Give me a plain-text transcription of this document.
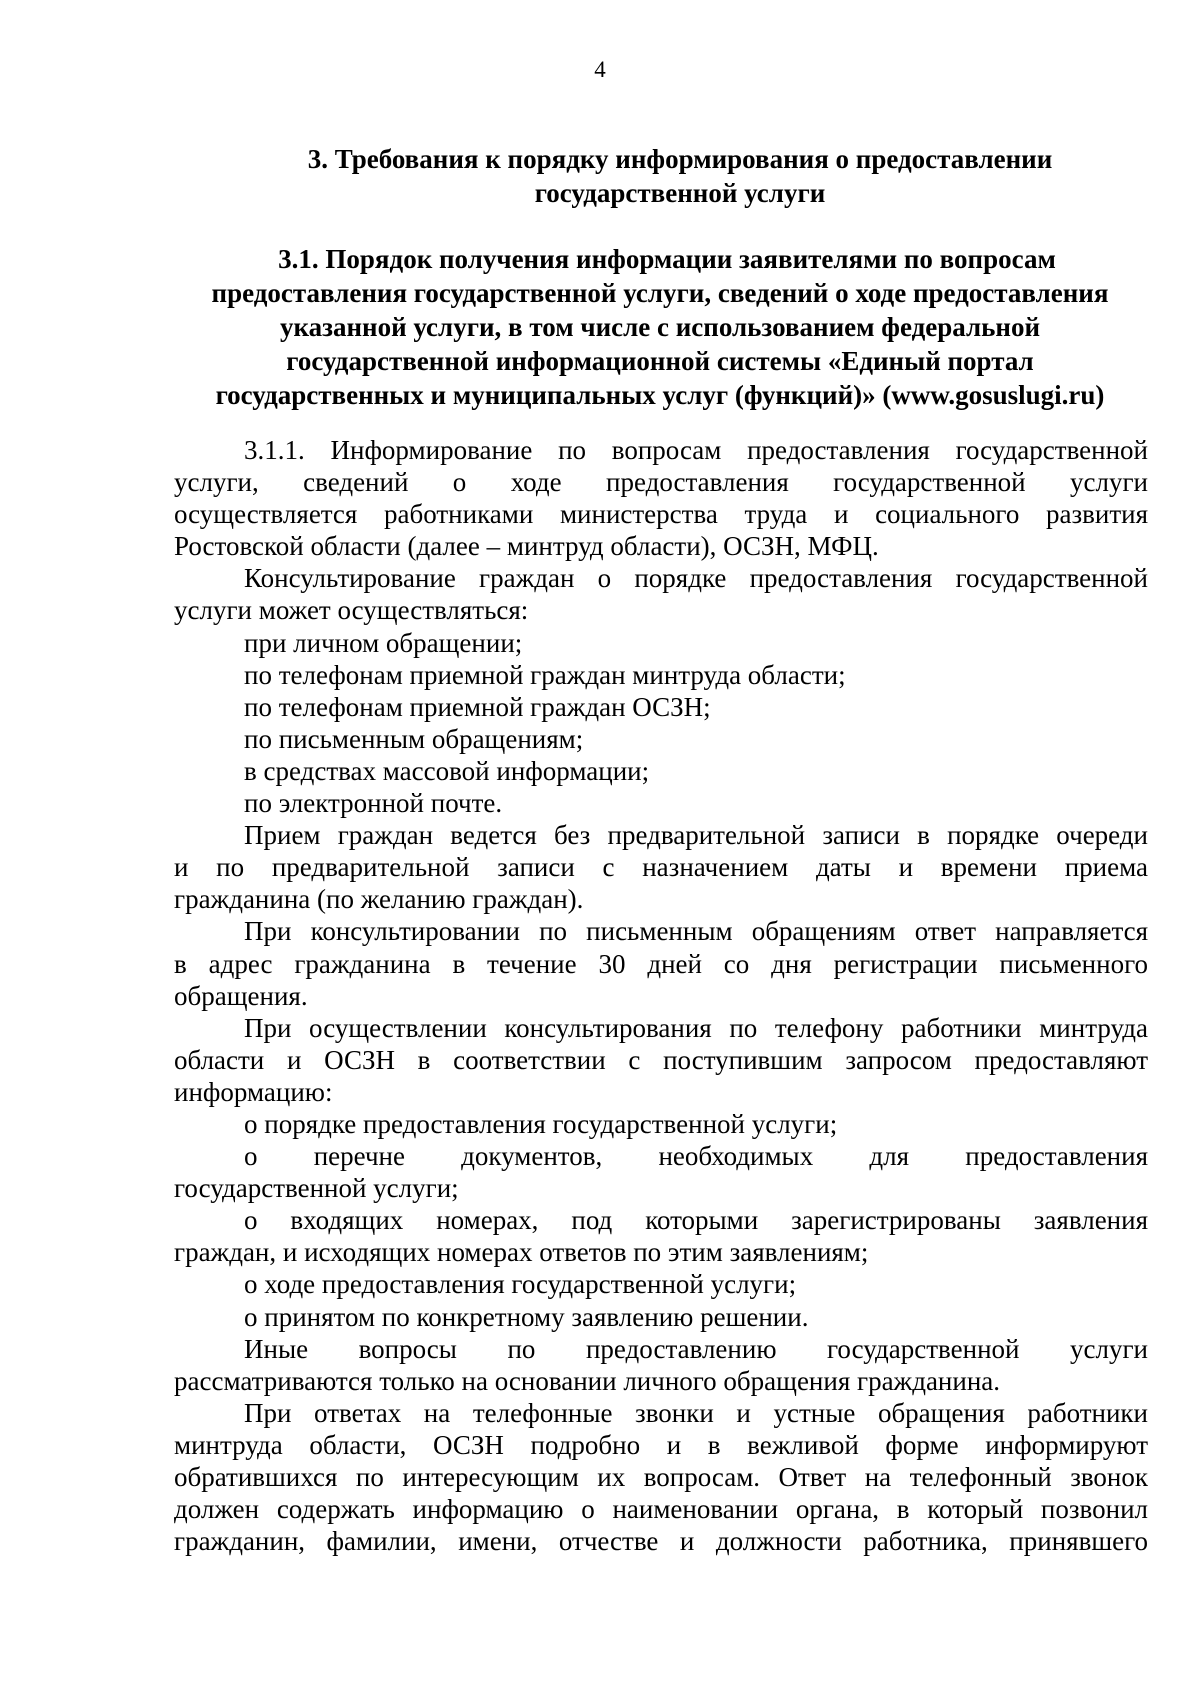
4
3. Требования к порядку информирования о предоставлении
государственной услуги
3.1. Порядок получения информации заявителями по вопросам
предоставления государственной услуги, сведений о ходе предоставления
указанной услуги, в том числе с использованием федеральной
государственной информационной системы «Единый портал
государственных и муниципальных услуг (функций)» (www.gosuslugi.ru)
3.1.1. Информирование по вопросам предоставления государственной
услуги, сведений о ходе предоставления государственной услуги
осуществляется работниками министерства труда и социального развития
Ростовской области (далее – минтруд области), ОСЗН, МФЦ.
Консультирование граждан о порядке предоставления государственной
услуги может осуществляться:
при личном обращении;
по телефонам приемной граждан минтруда области;
по телефонам приемной граждан ОСЗН;
по письменным обращениям;
в средствах массовой информации;
по электронной почте.
Прием граждан ведется без предварительной записи в порядке очереди
и по предварительной записи с назначением даты и времени приема
гражданина (по желанию граждан).
При консультировании по письменным обращениям ответ направляется
в адрес гражданина в течение 30 дней со дня регистрации письменного
обращения.
При осуществлении консультирования по телефону работники минтруда
области и ОСЗН в соответствии с поступившим запросом предоставляют
информацию:
о порядке предоставления государственной услуги;
о перечне документов, необходимых для предоставления
государственной услуги;
о входящих номерах, под которыми зарегистрированы заявления
граждан, и исходящих номерах ответов по этим заявлениям;
о ходе предоставления государственной услуги;
о принятом по конкретному заявлению решении.
Иные вопросы по предоставлению государственной услуги
рассматриваются только на основании личного обращения гражданина.
При ответах на телефонные звонки и устные обращения работники
минтруда области, ОСЗН подробно и в вежливой форме информируют
обратившихся по интересующим их вопросам. Ответ на телефонный звонок
должен содержать информацию о наименовании органа, в который позвонил
гражданин, фамилии, имени, отчестве и должности работника, принявшего
